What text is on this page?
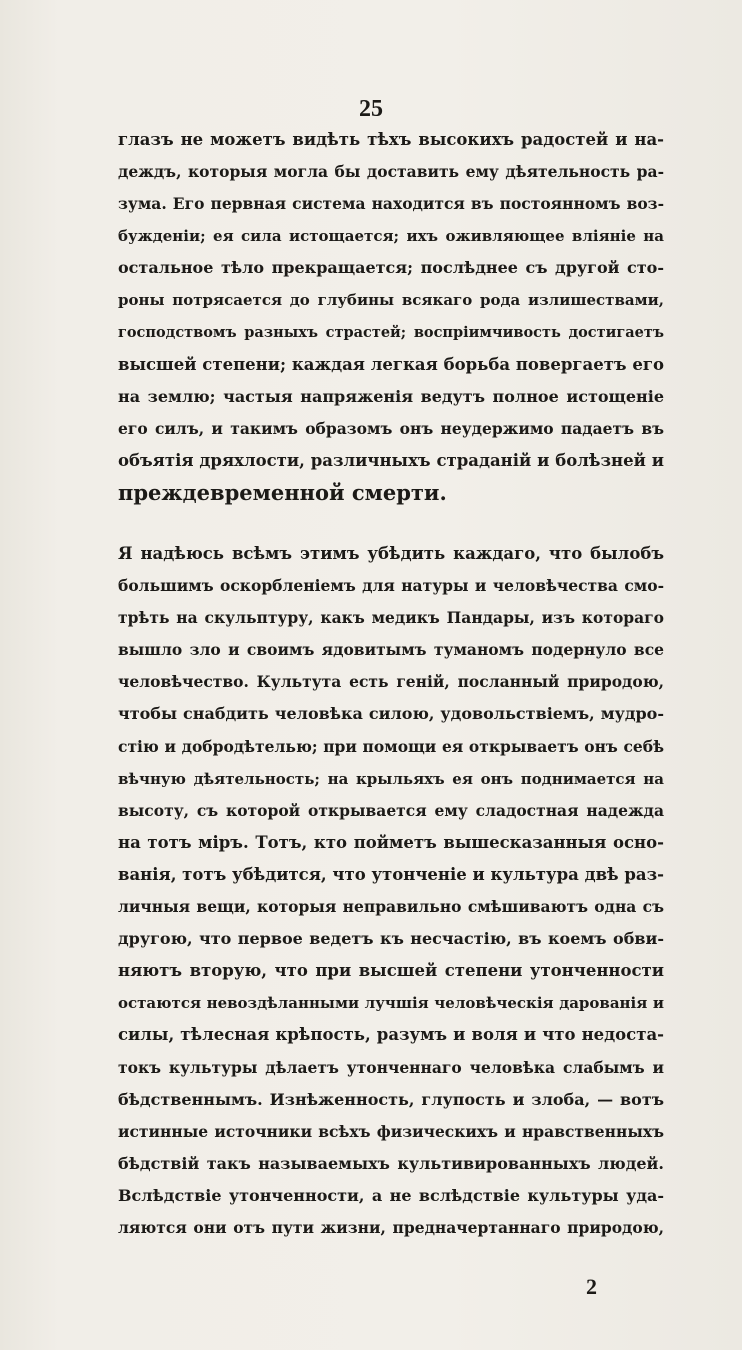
25
глазъ не можетъ видѣть тѣхъ высокихъ радостей и на-
деждъ, которыя могла бы доставить ему дѣятельность ра-
зума. Его первная система находится въ постоянномъ воз-
бужденіи; ея сила истощается; ихъ оживляющее вліяніе на
остальное тѣло прекращается; послѣднее съ другой сто-
роны потрясается до глубины всякаго рода излишествами,
господствомъ разныхъ страстей; воспріимчивость достигаетъ
высшей степени; каждая легкая борьба повергаетъ его
на землю; частыя напряженія ведутъ полное истощеніе
его силъ, и такимъ образомъ онъ неудержимо падаетъ въ
объятія дряхлости, различныхъ страданій и болѣзней и
преждевременной смерти.
Я надѣюсь всѣмъ этимъ убѣдить каждаго, что былобъ
большимъ оскорбленіемъ для натуры и человѣчества смо-
трѣть на скульптуру, какъ медикъ Пандары, изъ котораго
вышло зло и своимъ ядовитымъ туманомъ подернуло все
человѣчество. Культута есть геній, посланный природою,
чтобы снабдить человѣка силою, удовольствіемъ, мудро-
стію и добродѣтелью; при помощи ея открываетъ онъ себѣ
вѣчную дѣятельность; на крыльяхъ ея онъ поднимается на
высоту, съ которой открывается ему сладостная надежда
на тотъ міръ. Тотъ, кто пойметъ вышесказанныя осно-
ванія, тотъ убѣдится, что утонченіе и культура двѣ раз-
личныя вещи, которыя неправильно смѣшиваютъ одна съ
другою, что первое ведетъ къ несчастію, въ коемъ обви-
няютъ вторую, что при высшей степени утонченности
остаются невоздѣланными лучшія человѣческія дарованія и
силы, тѣлесная крѣпость, разумъ и воля и что недоста-
токъ культуры дѣлаетъ утонченнаго человѣка слабымъ и
бѣдственнымъ. Изнѣженность, глупость и злоба, — вотъ
истинные источники всѣхъ физическихъ и нравственныхъ
бѣдствій такъ называемыхъ культивированныхъ людей.
Вслѣдствіе утонченности, а не вслѣдствіе культуры уда-
ляются они отъ пути жизни, предначертаннаго природою,
2
